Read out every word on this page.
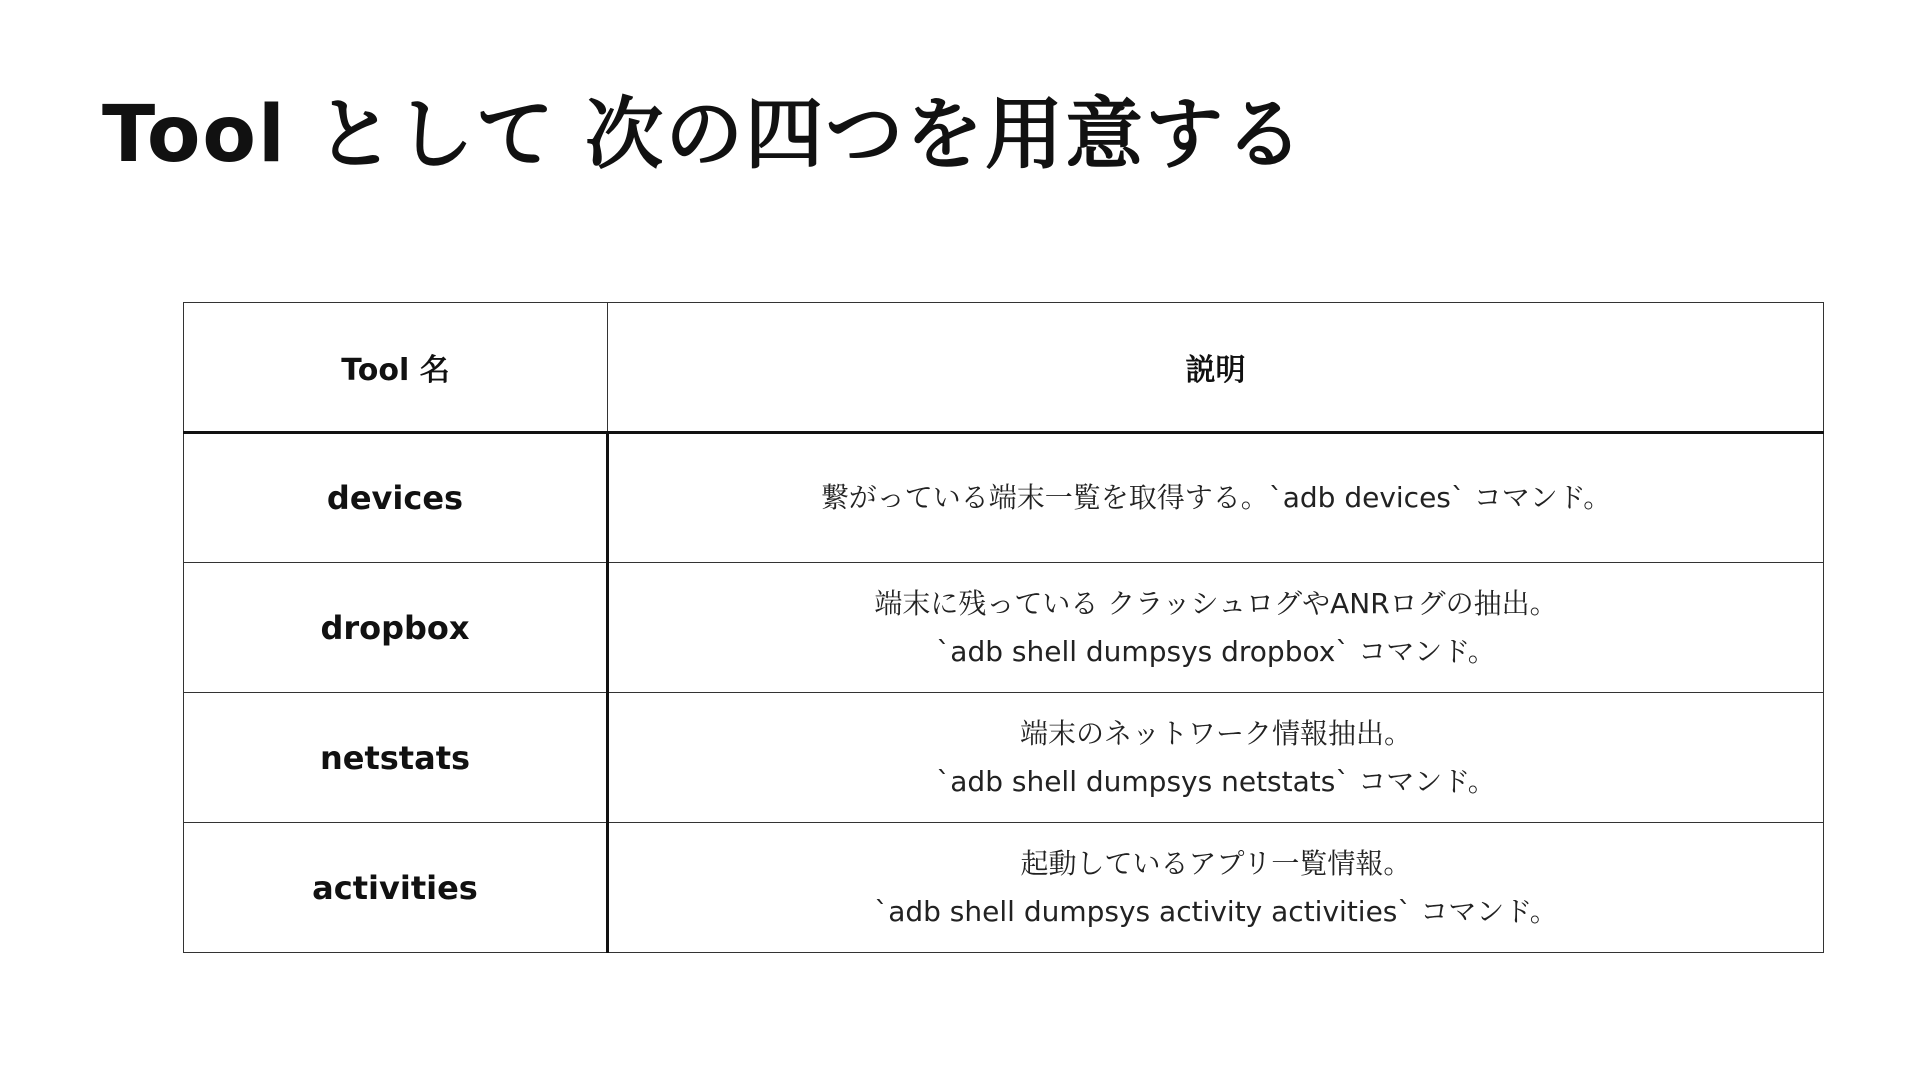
Tool として 次の四つを用意する
Tool 名	説明
devices	繋がっている端末一覧を取得する。`adb devices` コマンド。

dropbox	端末に残っている クラッシュログやANRログの抽出。
`adb shell dumpsys dropbox` コマンド。

netstats	端末のネットワーク情報抽出。
`adb shell dumpsys netstats` コマンド。

activities	起動しているアプリ一覧情報。
`adb shell dumpsys activity activities` コマンド。
